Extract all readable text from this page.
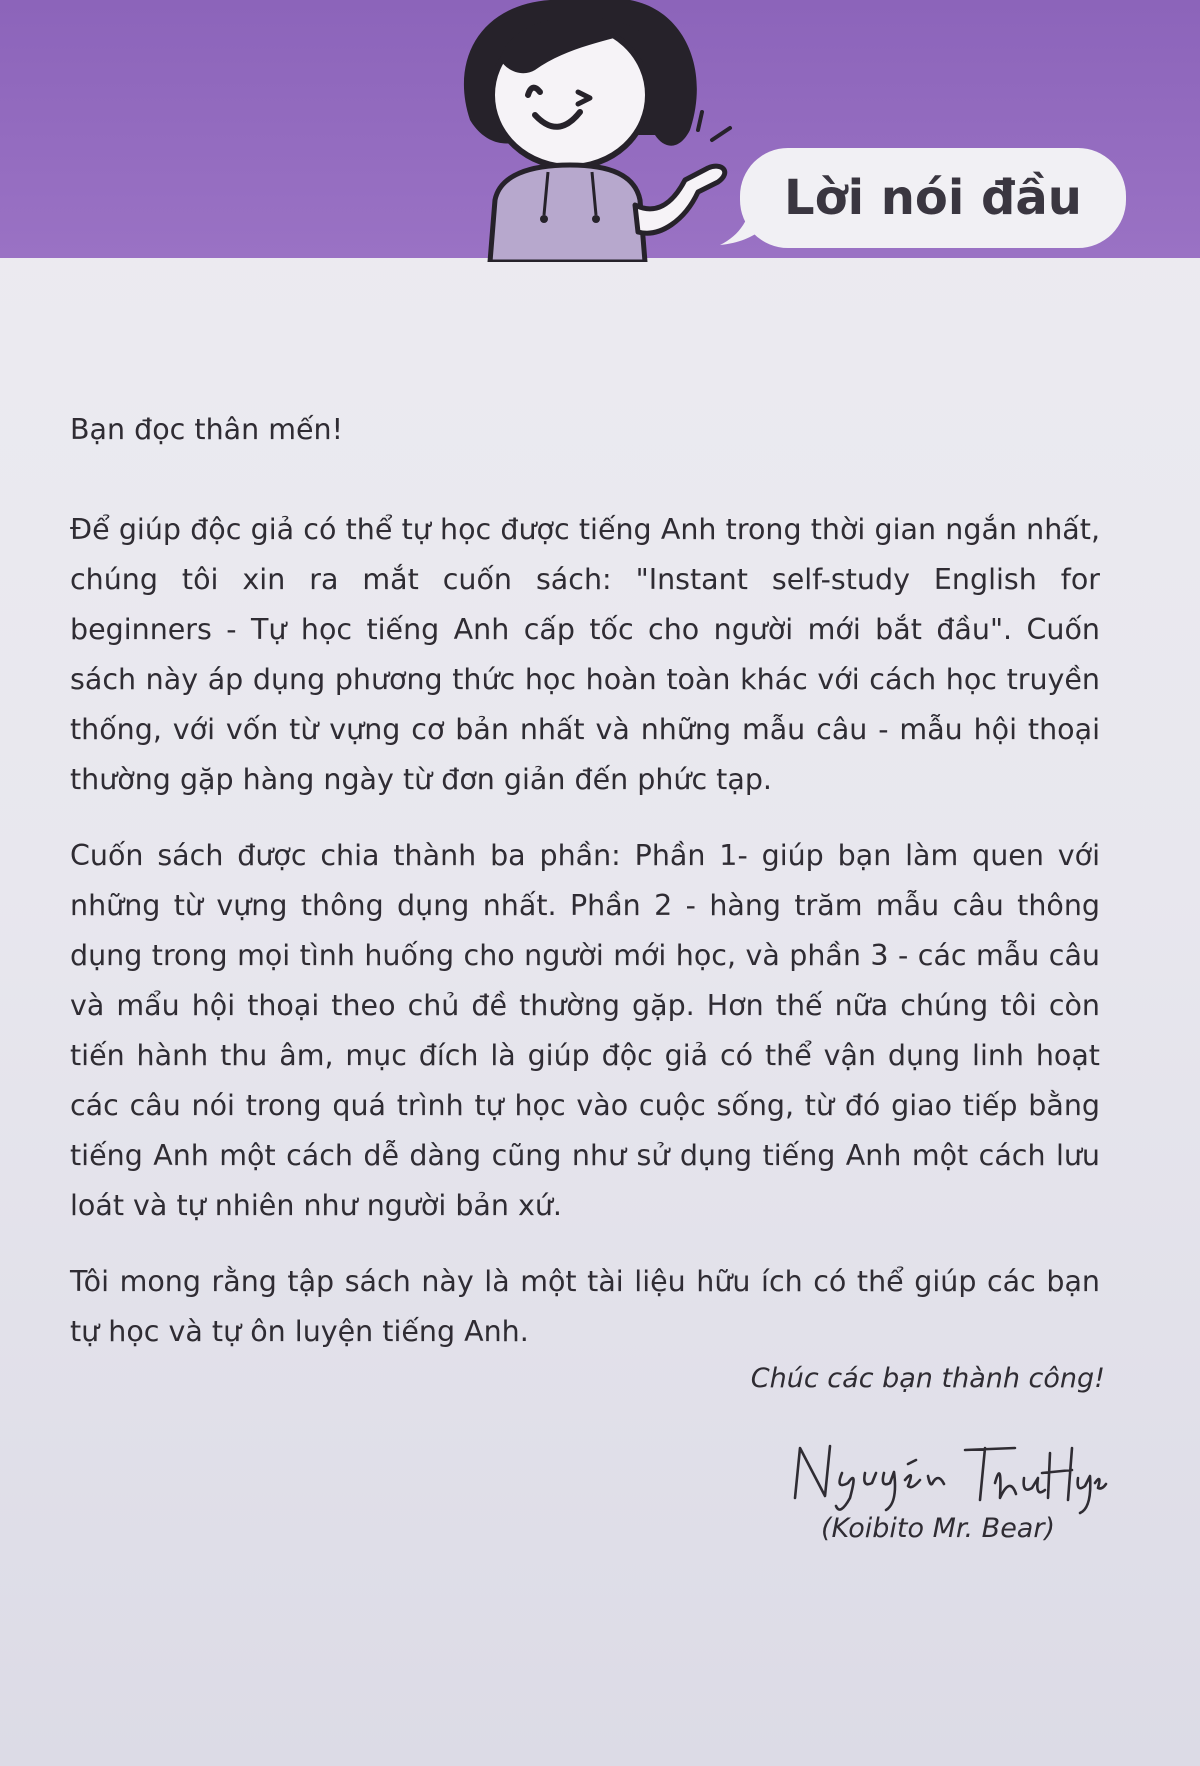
Lời nói đầu

Bạn đọc thân mến!

Để giúp độc giả có thể tự học được tiếng Anh trong thời gian ngắn nhất, chúng tôi xin ra mắt cuốn sách: "Instant self-study English for beginners - Tự học tiếng Anh cấp tốc cho người mới bắt đầu". Cuốn sách này áp dụng phương thức học hoàn toàn khác với cách học truyền thống, với vốn từ vựng cơ bản nhất và những mẫu câu - mẫu hội thoại thường gặp hàng ngày từ đơn giản đến phức tạp.

Cuốn sách được chia thành ba phần: Phần 1- giúp bạn làm quen với những từ vựng thông dụng nhất. Phần 2 - hàng trăm mẫu câu thông dụng trong mọi tình huống cho người mới học, và phần 3 - các mẫu câu và mẩu hội thoại theo chủ đề thường gặp. Hơn thế nữa chúng tôi còn tiến hành thu âm, mục đích là giúp độc giả có thể vận dụng linh hoạt các câu nói trong quá trình tự học vào cuộc sống, từ đó giao tiếp bằng tiếng Anh một cách dễ dàng cũng như sử dụng tiếng Anh một cách lưu loát và tự nhiên như người bản xứ.

Tôi mong rằng tập sách này là một tài liệu hữu ích có thể giúp các bạn tự học và tự ôn luyện tiếng Anh.

Chúc các bạn thành công!
(Koibito Mr. Bear)
